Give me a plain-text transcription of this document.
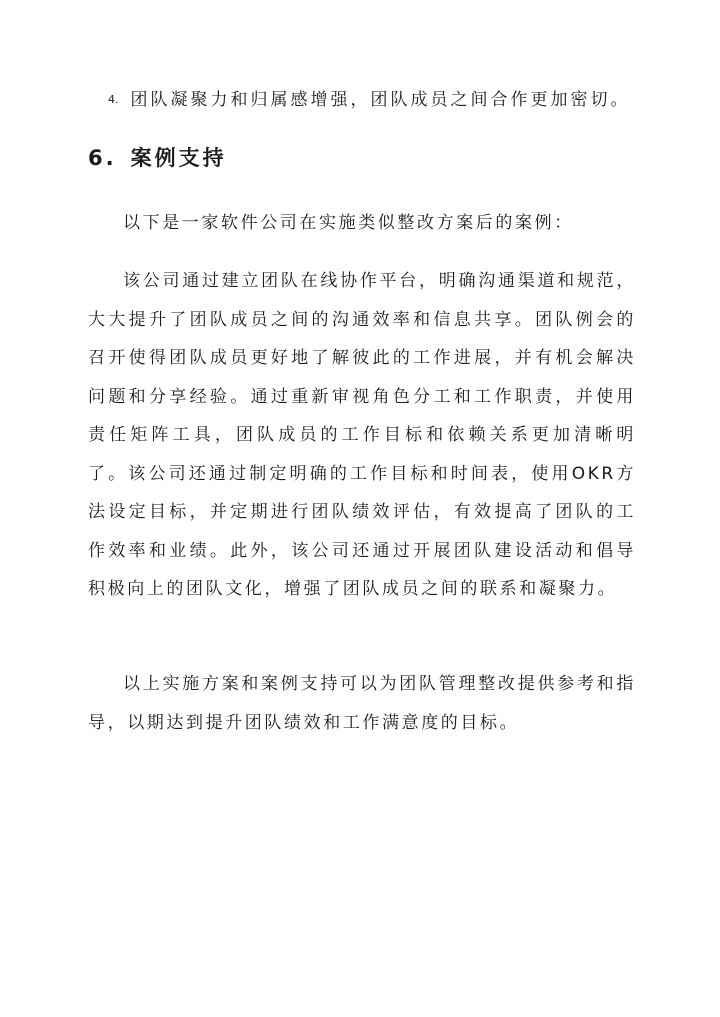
4. 团队凝聚力和归属感增强，团队成员之间合作更加密切。
6. 案例支持

以下是一家软件公司在实施类似整改方案后的案例：

该公司通过建立团队在线协作平台，明确沟通渠道和规范，大大提升了团队成员之间的沟通效率和信息共享。团队例会的召开使得团队成员更好地了解彼此的工作进展，并有机会解决问题和分享经验。通过重新审视角色分工和工作职责，并使用责任矩阵工具，团队成员的工作目标和依赖关系更加清晰明了。该公司还通过制定明确的工作目标和时间表，使用OKR方法设定目标，并定期进行团队绩效评估，有效提高了团队的工作效率和业绩。此外，该公司还通过开展团队建设活动和倡导积极向上的团队文化，增强了团队成员之间的联系和凝聚力。

以上实施方案和案例支持可以为团队管理整改提供参考和指导，以期达到提升团队绩效和工作满意度的目标。
